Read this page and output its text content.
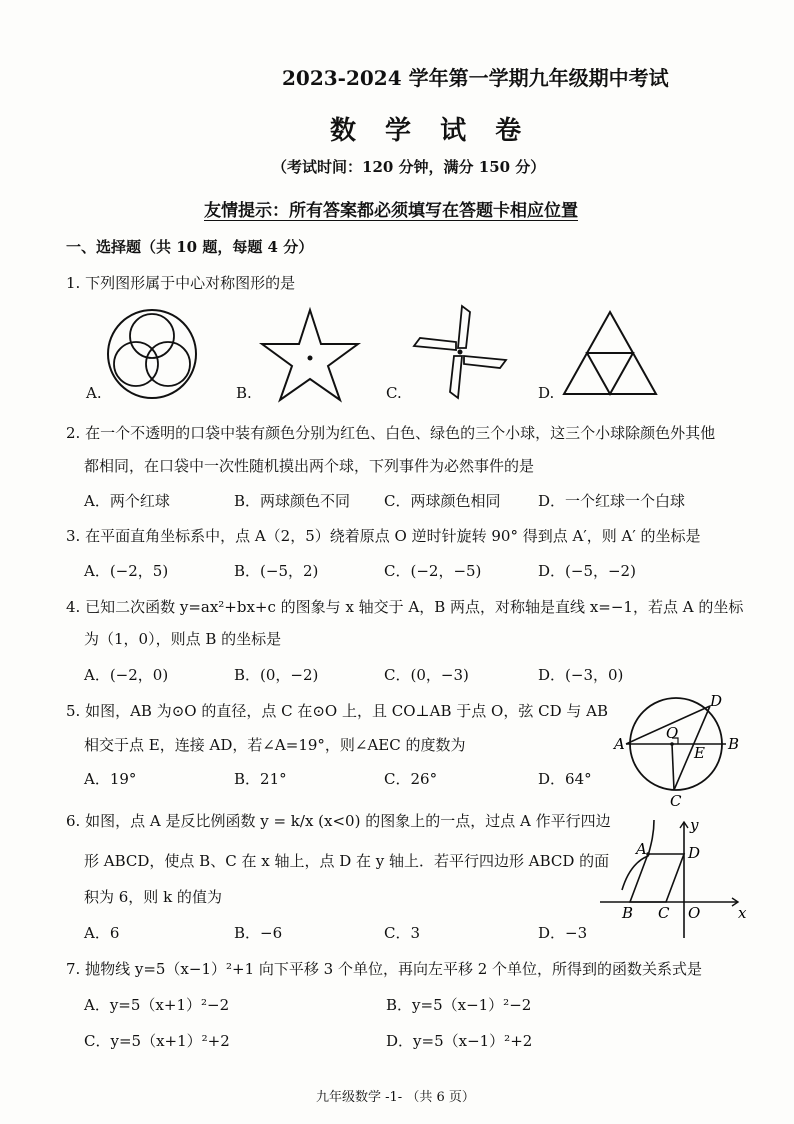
2023-2024 学年第一学期九年级期中考试
数 学 试 卷
（考试时间：120 分钟，满分 150 分）
友情提示：所有答案都必须填写在答题卡相应位置
一、选择题（共 10 题，每题 4 分）
1. 下列图形属于中心对称图形的是
A.	B.	C.	D.
2. 在一个不透明的口袋中装有颜色分别为红色、白色、绿色的三个小球，这三个小球除颜色外其他
都相同，在口袋中一次性随机摸出两个球，下列事件为必然事件的是
A．两个红球	B．两球颜色不同 C．两球颜色相同	D．一个红球一个白球
3. 在平面直角坐标系中，点 A（2，5）绕着原点 O 逆时针旋转 90° 得到点 A′，则 A′ 的坐标是
A．(−2，5)	B．(−5，2)	C．(−2，−5)	D．(−5，−2)
4. 已知二次函数 y=ax²+bx+c 的图象与 x 轴交于 A，B 两点，对称轴是直线 x=−1，若点 A 的坐标
为（1，0），则点 B 的坐标是
A．(−2，0)	B．(0，−2)	C．(0，−3)	D．(−3，0)
5. 如图，AB 为⊙O 的直径，点 C 在⊙O 上，且 CO⊥AB 于点 O，弦 CD 与 AB
相交于点 E，连接 AD，若∠A=19°，则∠AEC 的度数为
A．19°	B．21°	C．26°	D．64°
A	B
C
D
O
E
6. 如图，点 A 是反比例函数 y = k/x (x<0) 的图象上的一点，过点 A 作平行四边
形 ABCD，使点 B、C 在 x 轴上，点 D 在 y 轴上．若平行四边形 ABCD 的面
积为 6，则 k 的值为
A．6	B．−6	C．3	D．−3
y
x
A	D
B C O
7. 抛物线 y=5（x−1）²+1 向下平移 3 个单位，再向左平移 2 个单位，所得到的函数关系式是
A．y=5（x+1）²−2	B．y=5（x−1）²−2
C．y=5（x+1）²+2	D．y=5（x−1）²+2
九年级数学 -1- （共 6 页）
